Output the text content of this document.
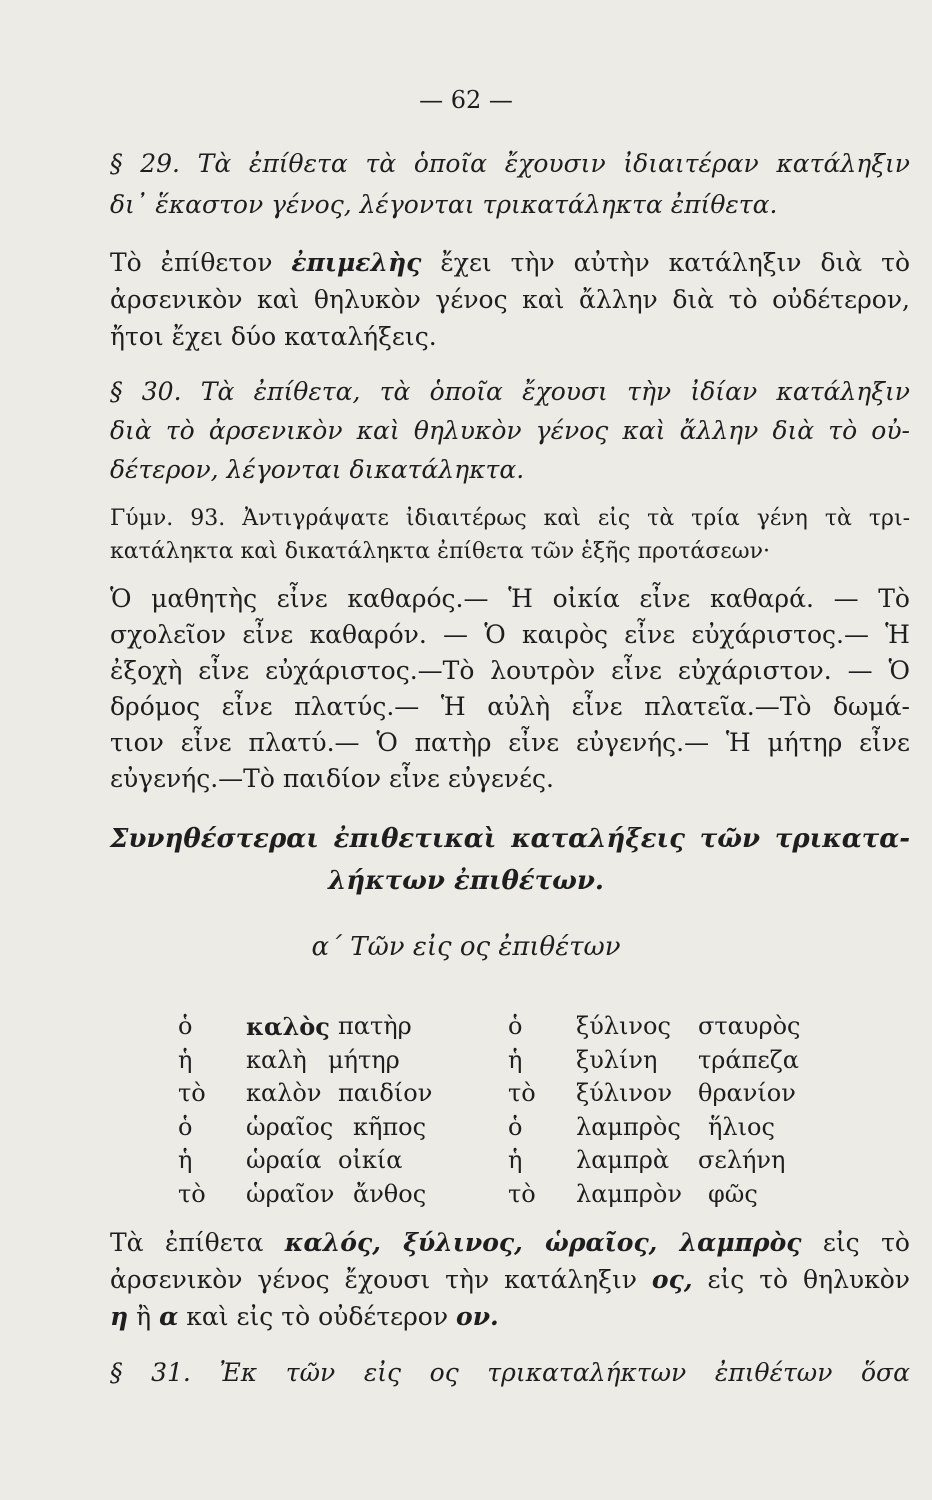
— 62 —
§ 29. Τὰ ἐπίθετα τὰ ὁποῖα ἔχουσιν ἰδιαιτέραν κατάληξιν
δι᾽ ἕκαστον γένος, λέγονται τρικατάληκτα ἐπίθετα.
Τὸ ἐπίθετον ἐπιμελὴς ἔχει τὴν αὐτὴν κατάληξιν διὰ τὸ
ἀρσενικὸν καὶ θηλυκὸν γένος καὶ ἄλλην διὰ τὸ οὐδέτερον,
ἤτοι ἔχει δύο καταλήξεις.
§ 30. Τὰ ἐπίθετα, τὰ ὁποῖα ἔχουσι τὴν ἰδίαν κατάληξιν
διὰ τὸ ἀρσενικὸν καὶ θηλυκὸν γένος καὶ ἄλλην διὰ τὸ οὐ-
δέτερον, λέγονται δικατάληκτα.
Γύμν. 93. Ἀντιγράψατε ἰδιαιτέρως καὶ εἰς τὰ τρία γένη τὰ τρι-
κατάληκτα καὶ δικατάληκτα ἐπίθετα τῶν ἑξῆς προτάσεων·
Ὁ μαθητὴς εἶνε καθαρός.— Ἡ οἰκία εἶνε καθαρά. — Τὸ
σχολεῖον εἶνε καθαρόν. — Ὁ καιρὸς εἶνε εὐχάριστος.— Ἡ
ἐξοχὴ εἶνε εὐχάριστος.—Τὸ λουτρὸν εἶνε εὐχάριστον. — Ὁ
δρόμος εἶνε πλατύς.— Ἡ αὐλὴ εἶνε πλατεῖα.—Τὸ δωμά-
τιον εἶνε πλατύ.— Ὁ πατὴρ εἶνε εὐγενής.— Ἡ μήτηρ εἶνε
εὐγενής.—Τὸ παιδίον εἶνε εὐγενές.
Συνηθέστεραι ἐπιθετικαὶ καταλήξεις τῶν τρικατα-
λήκτων ἐπιθέτων.
α΄ Τῶν εἰς ος ἐπιθέτων
ὁ καλὸς πατὴρ	ὁ ξύλινος σταυρὸς
ἡ καλὴ μήτηρ	ἡ ξυλίνη τράπεζα
τὸ καλὸν παιδίον	τὸ ξύλινον θρανίον
ὁ ὡραῖος κῆπος	ὁ λαμπρὸς ἥλιος
ἡ ὡραία οἰκία	ἡ λαμπρὰ σελήνη
τὸ ὡραῖον ἄνθος	τὸ λαμπρὸν φῶς
Τὰ ἐπίθετα καλός, ξύλινος, ὡραῖος, λαμπρὸς εἰς τὸ
ἀρσενικὸν γένος ἔχουσι τὴν κατάληξιν ος, εἰς τὸ θηλυκὸν
η ἢ α καὶ εἰς τὸ οὐδέτερον ον.
§ 31. Ἐκ τῶν εἰς ος τρικαταλήκτων ἐπιθέτων ὅσα
